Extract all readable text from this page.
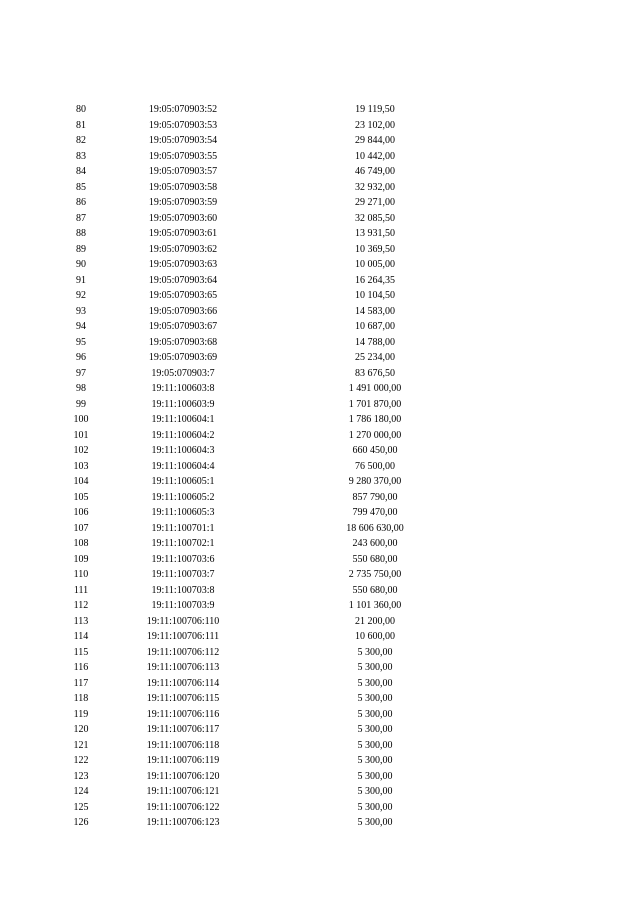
80	19:05:070903:52	19 119,50
81	19:05:070903:53	23 102,00
82	19:05:070903:54	29 844,00
83	19:05:070903:55	10 442,00
84	19:05:070903:57	46 749,00
85	19:05:070903:58	32 932,00
86	19:05:070903:59	29 271,00
87	19:05:070903:60	32 085,50
88	19:05:070903:61	13 931,50
89	19:05:070903:62	10 369,50
90	19:05:070903:63	10 005,00
91	19:05:070903:64	16 264,35
92	19:05:070903:65	10 104,50
93	19:05:070903:66	14 583,00
94	19:05:070903:67	10 687,00
95	19:05:070903:68	14 788,00
96	19:05:070903:69	25 234,00
97	19:05:070903:7	83 676,50
98	19:11:100603:8	1 491 000,00
99	19:11:100603:9	1 701 870,00
100	19:11:100604:1	1 786 180,00
101	19:11:100604:2	1 270 000,00
102	19:11:100604:3	660 450,00
103	19:11:100604:4	76 500,00
104	19:11:100605:1	9 280 370,00
105	19:11:100605:2	857 790,00
106	19:11:100605:3	799 470,00
107	19:11:100701:1	18 606 630,00
108	19:11:100702:1	243 600,00
109	19:11:100703:6	550 680,00
110	19:11:100703:7	2 735 750,00
111	19:11:100703:8	550 680,00
112	19:11:100703:9	1 101 360,00
113	19:11:100706:110	21 200,00
114	19:11:100706:111	10 600,00
115	19:11:100706:112	5 300,00
116	19:11:100706:113	5 300,00
117	19:11:100706:114	5 300,00
118	19:11:100706:115	5 300,00
119	19:11:100706:116	5 300,00
120	19:11:100706:117	5 300,00
121	19:11:100706:118	5 300,00
122	19:11:100706:119	5 300,00
123	19:11:100706:120	5 300,00
124	19:11:100706:121	5 300,00
125	19:11:100706:122	5 300,00
126	19:11:100706:123	5 300,00
